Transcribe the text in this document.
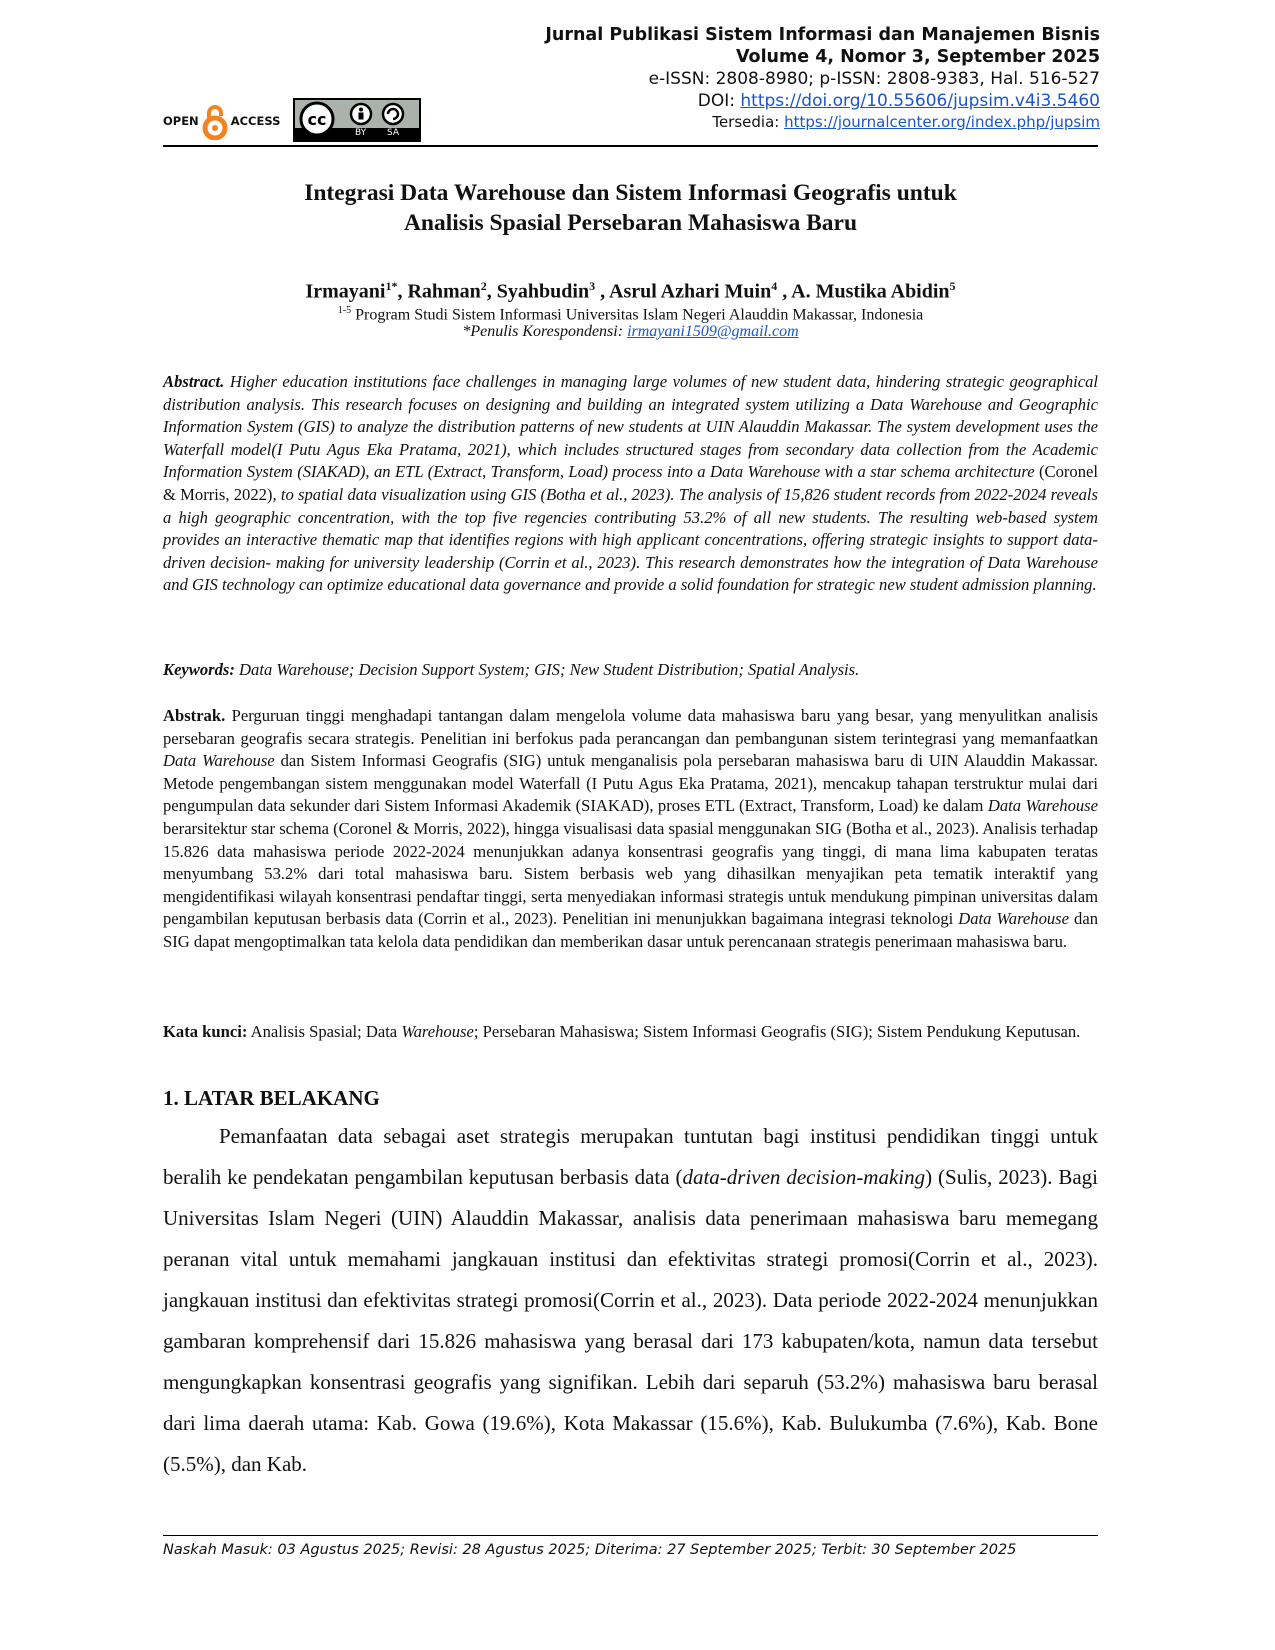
Jurnal Publikasi Sistem Informasi dan Manajemen Bisnis
Volume 4, Nomor 3, September 2025
e-ISSN: 2808-8980; p-ISSN: 2808-9383, Hal. 516-527
DOI: https://doi.org/10.55606/jupsim.v4i3.5460
Tersedia: https://journalcenter.org/index.php/jupsim
OPEN	ACCESS cc
BY SA
Integrasi Data Warehouse dan Sistem Informasi Geografis untuk
Analisis Spasial Persebaran Mahasiswa Baru
Irmayani$^{1*}$, Rahman$^2$, Syahbudin$^3$ , Asrul Azhari Muin$^4$ , A. Mustika Abidin$^5$
$^{1-5}$ Program Studi Sistem Informasi Universitas Islam Negeri Alauddin Makassar, Indonesia
*Penulis Korespondensi: irmayani1509@gmail.com
Abstract. Higher education institutions face challenges in managing large volumes of new student data, hindering strategic geographical distribution analysis. This research focuses on designing and building an integrated system utilizing a Data Warehouse and Geographic Information System (GIS) to analyze the distribution patterns of new students at UIN Alauddin Makassar. The system development uses the Waterfall model(I Putu Agus Eka Pratama, 2021), which includes structured stages from secondary data collection from the Academic Information System (SIAKAD), an ETL (Extract, Transform, Load) process into a Data Warehouse with a star schema architecture (Coronel & Morris, 2022), to spatial data visualization using GIS (Botha et al., 2023). The analysis of 15,826 student records from 2022-2024 reveals a high geographic concentration, with the top five regencies contributing 53.2% of all new students. The resulting web-based system provides an interactive thematic map that identifies regions with high applicant concentrations, offering strategic insights to support data-driven decision- making for university leadership (Corrin et al., 2023). This research demonstrates how the integration of Data Warehouse and GIS technology can optimize educational data governance and provide a solid foundation for strategic new student admission planning.
Keywords: Data Warehouse; Decision Support System; GIS; New Student Distribution; Spatial Analysis.
Abstrak. Perguruan tinggi menghadapi tantangan dalam mengelola volume data mahasiswa baru yang besar, yang menyulitkan analisis persebaran geografis secara strategis. Penelitian ini berfokus pada perancangan dan pembangunan sistem terintegrasi yang memanfaatkan Data Warehouse dan Sistem Informasi Geografis (SIG) untuk menganalisis pola persebaran mahasiswa baru di UIN Alauddin Makassar. Metode pengembangan sistem menggunakan model Waterfall (I Putu Agus Eka Pratama, 2021), mencakup tahapan terstruktur mulai dari pengumpulan data sekunder dari Sistem Informasi Akademik (SIAKAD), proses ETL (Extract, Transform, Load) ke dalam Data Warehouse berarsitektur star schema (Coronel & Morris, 2022), hingga visualisasi data spasial menggunakan SIG (Botha et al., 2023). Analisis terhadap 15.826 data mahasiswa periode 2022-2024 menunjukkan adanya konsentrasi geografis yang tinggi, di mana lima kabupaten teratas menyumbang 53.2% dari total mahasiswa baru. Sistem berbasis web yang dihasilkan menyajikan peta tematik interaktif yang mengidentifikasi wilayah konsentrasi pendaftar tinggi, serta menyediakan informasi strategis untuk mendukung pimpinan universitas dalam pengambilan keputusan berbasis data (Corrin et al., 2023). Penelitian ini menunjukkan bagaimana integrasi teknologi Data Warehouse dan SIG dapat mengoptimalkan tata kelola data pendidikan dan memberikan dasar untuk perencanaan strategis penerimaan mahasiswa baru.
Kata kunci: Analisis Spasial; Data Warehouse; Persebaran Mahasiswa; Sistem Informasi Geografis (SIG); Sistem Pendukung Keputusan.
1. LATAR BELAKANG
Pemanfaatan data sebagai aset strategis merupakan tuntutan bagi institusi pendidikan tinggi untuk beralih ke pendekatan pengambilan keputusan berbasis data (data-driven decision-making) (Sulis, 2023). Bagi Universitas Islam Negeri (UIN) Alauddin Makassar, analisis data penerimaan mahasiswa baru memegang peranan vital untuk memahami jangkauan institusi dan efektivitas strategi promosi(Corrin et al., 2023). jangkauan institusi dan efektivitas strategi promosi(Corrin et al., 2023). Data periode 2022-2024 menunjukkan gambaran komprehensif dari 15.826 mahasiswa yang berasal dari 173 kabupaten/kota, namun data tersebut mengungkapkan konsentrasi geografis yang signifikan. Lebih dari separuh (53.2%) mahasiswa baru berasal dari lima daerah utama: Kab. Gowa (19.6%), Kota Makassar (15.6%), Kab. Bulukumba (7.6%), Kab. Bone (5.5%), dan Kab.
Naskah Masuk: 03 Agustus 2025; Revisi: 28 Agustus 2025; Diterima: 27 September 2025; Terbit: 30 September 2025
